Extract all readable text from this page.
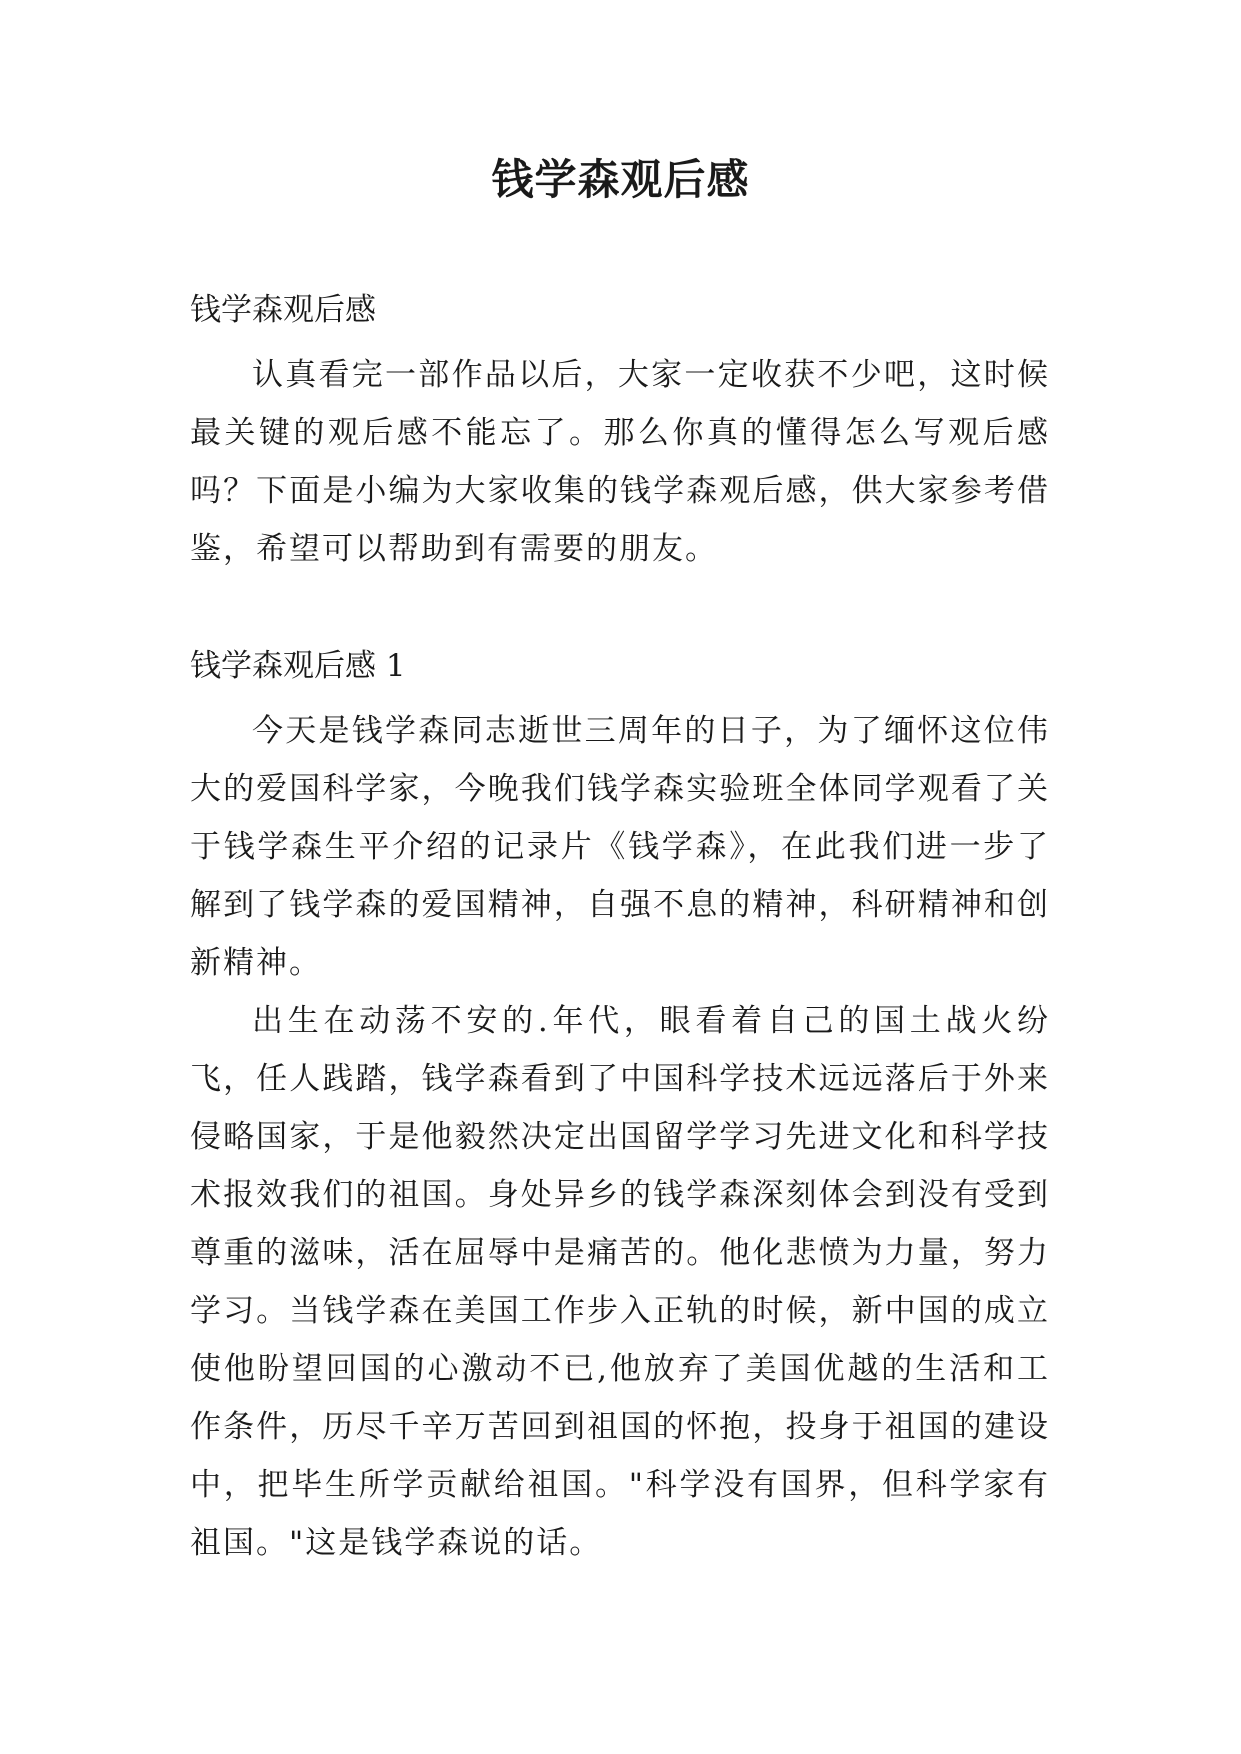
钱学森观后感

钱学森观后感

认真看完一部作品以后，大家一定收获不少吧，这时候最关键的观后感不能忘了。那么你真的懂得怎么写观后感吗？下面是小编为大家收集的钱学森观后感，供大家参考借鉴，希望可以帮助到有需要的朋友。

钱学森观后感 1

今天是钱学森同志逝世三周年的日子，为了缅怀这位伟大的爱国科学家，今晚我们钱学森实验班全体同学观看了关于钱学森生平介绍的记录片《钱学森》，在此我们进一步了解到了钱学森的爱国精神，自强不息的精神，科研精神和创新精神。

出生在动荡不安的.年代，眼看着自己的国土战火纷飞，任人践踏，钱学森看到了中国科学技术远远落后于外来侵略国家，于是他毅然决定出国留学学习先进文化和科学技术报效我们的祖国。身处异乡的钱学森深刻体会到没有受到尊重的滋味，活在屈辱中是痛苦的。他化悲愤为力量，努力学习。当钱学森在美国工作步入正轨的时候，新中国的成立使他盼望回国的心激动不已,他放弃了美国优越的生活和工作条件，历尽千辛万苦回到祖国的怀抱，投身于祖国的建设中，把毕生所学贡献给祖国。"科学没有国界，但科学家有祖国。"这是钱学森说的话。
